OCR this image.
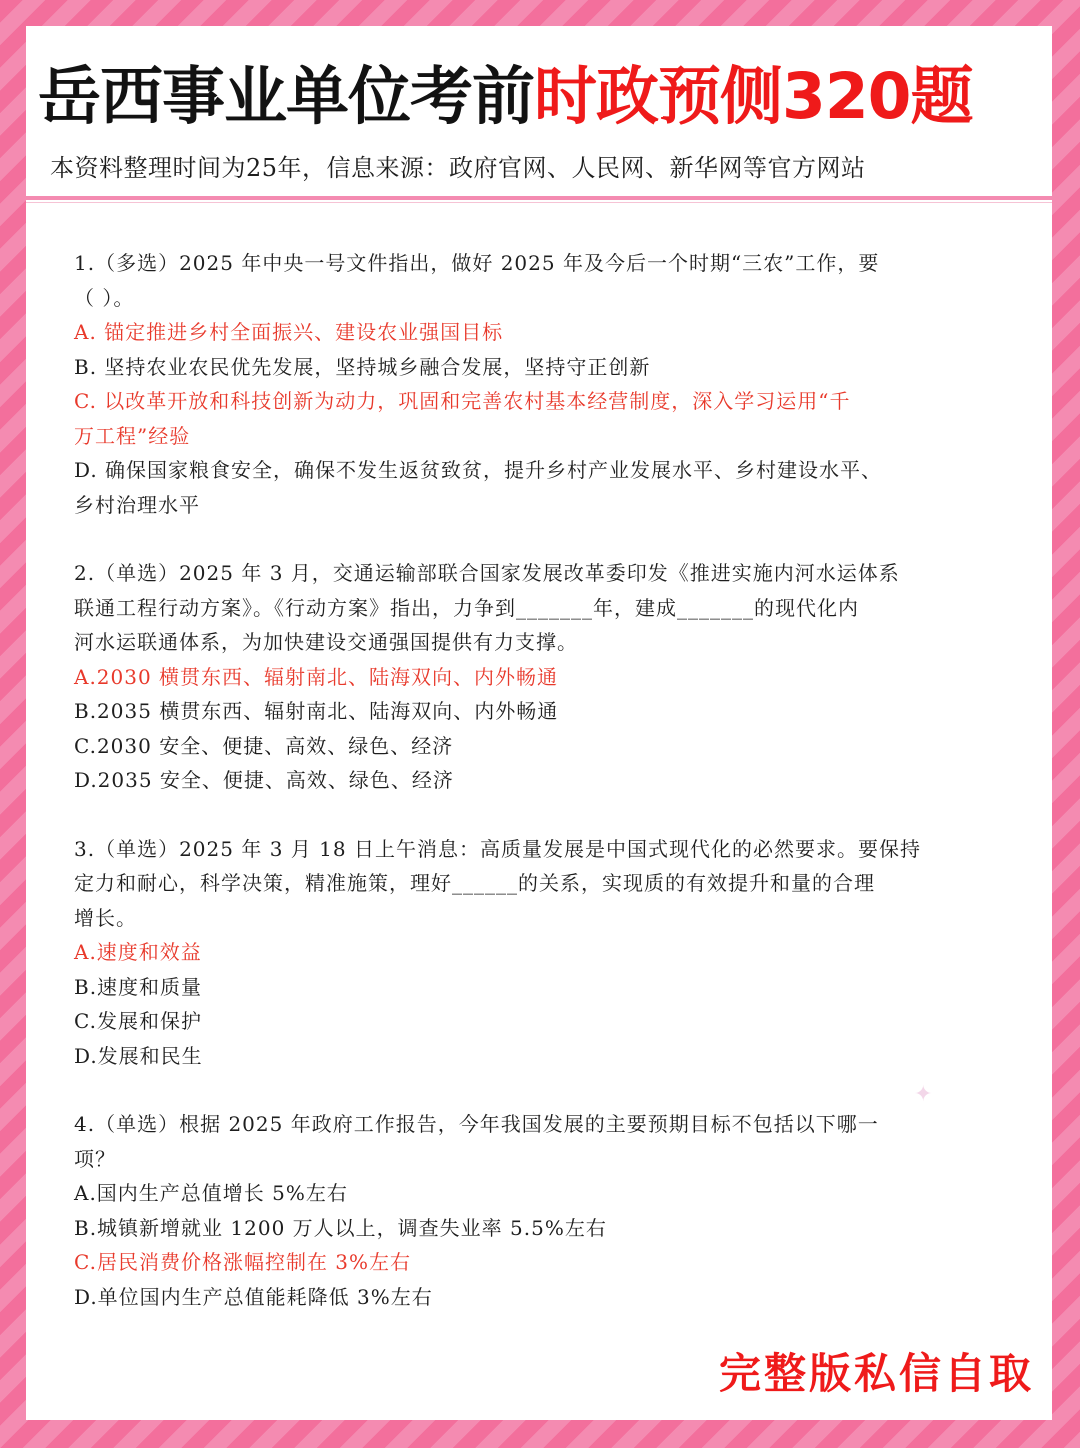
岳西事业单位考前时政预侧320题
本资料整理时间为25年，信息来源：政府官网、人民网、新华网等官方网站
1.（多选）2025 年中央一号文件指出，做好 2025 年及今后一个时期“三农”工作，要
（ ）。
A. 锚定推进乡村全面振兴、建设农业强国目标
B. 坚持农业农民优先发展，坚持城乡融合发展，坚持守正创新
C. 以改革开放和科技创新为动力，巩固和完善农村基本经营制度，深入学习运用“千
万工程”经验
D. 确保国家粮食安全，确保不发生返贫致贫，提升乡村产业发展水平、乡村建设水平、
乡村治理水平
2.（单选）2025 年 3 月，交通运输部联合国家发展改革委印发《推进实施内河水运体系
联通工程行动方案》。《行动方案》指出，力争到_______年，建成_______的现代化内
河水运联通体系，为加快建设交通强国提供有力支撑。
A.2030 横贯东西、辐射南北、陆海双向、内外畅通
B.2035 横贯东西、辐射南北、陆海双向、内外畅通
C.2030 安全、便捷、高效、绿色、经济
D.2035 安全、便捷、高效、绿色、经济
3.（单选）2025 年 3 月 18 日上午消息：高质量发展是中国式现代化的必然要求。要保持
定力和耐心，科学决策，精准施策，理好______的关系，实现质的有效提升和量的合理
增长。
A.速度和效益
B.速度和质量
C.发展和保护
D.发展和民生
4.（单选）根据 2025 年政府工作报告，今年我国发展的主要预期目标不包括以下哪一
项？
A.国内生产总值增长 5%左右
B.城镇新增就业 1200 万人以上，调查失业率 5.5%左右
C.居民消费价格涨幅控制在 3%左右
D.单位国内生产总值能耗降低 3%左右
✦
完整版私信自取
